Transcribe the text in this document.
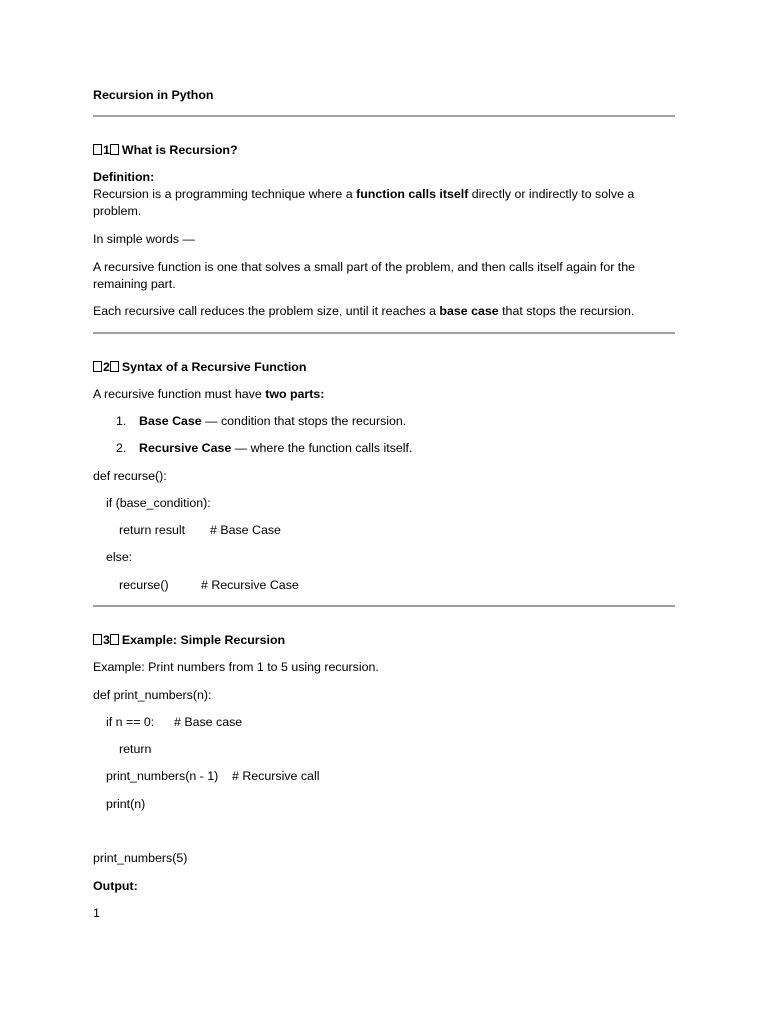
Recursion in Python
1 What is Recursion?
Definition:
Recursion is a programming technique where a function calls itself directly or indirectly to solve a
problem.
In simple words —
A recursive function is one that solves a small part of the problem, and then calls itself again for the remaining part.
Each recursive call reduces the problem size, until it reaches a base case that stops the recursion.
2 Syntax of a Recursive Function
A recursive function must have two parts:
1. Base Case — condition that stops the recursion.
2. Recursive Case — where the function calls itself.
def recurse():
if (base_condition):
return result # Base Case
else:
recurse()	# Recursive Case
3 Example: Simple Recursion
Example: Print numbers from 1 to 5 using recursion.
def print_numbers(n):
if n == 0: # Base case
return
print_numbers(n - 1) # Recursive call
print(n)
print_numbers(5)
Output:
1
